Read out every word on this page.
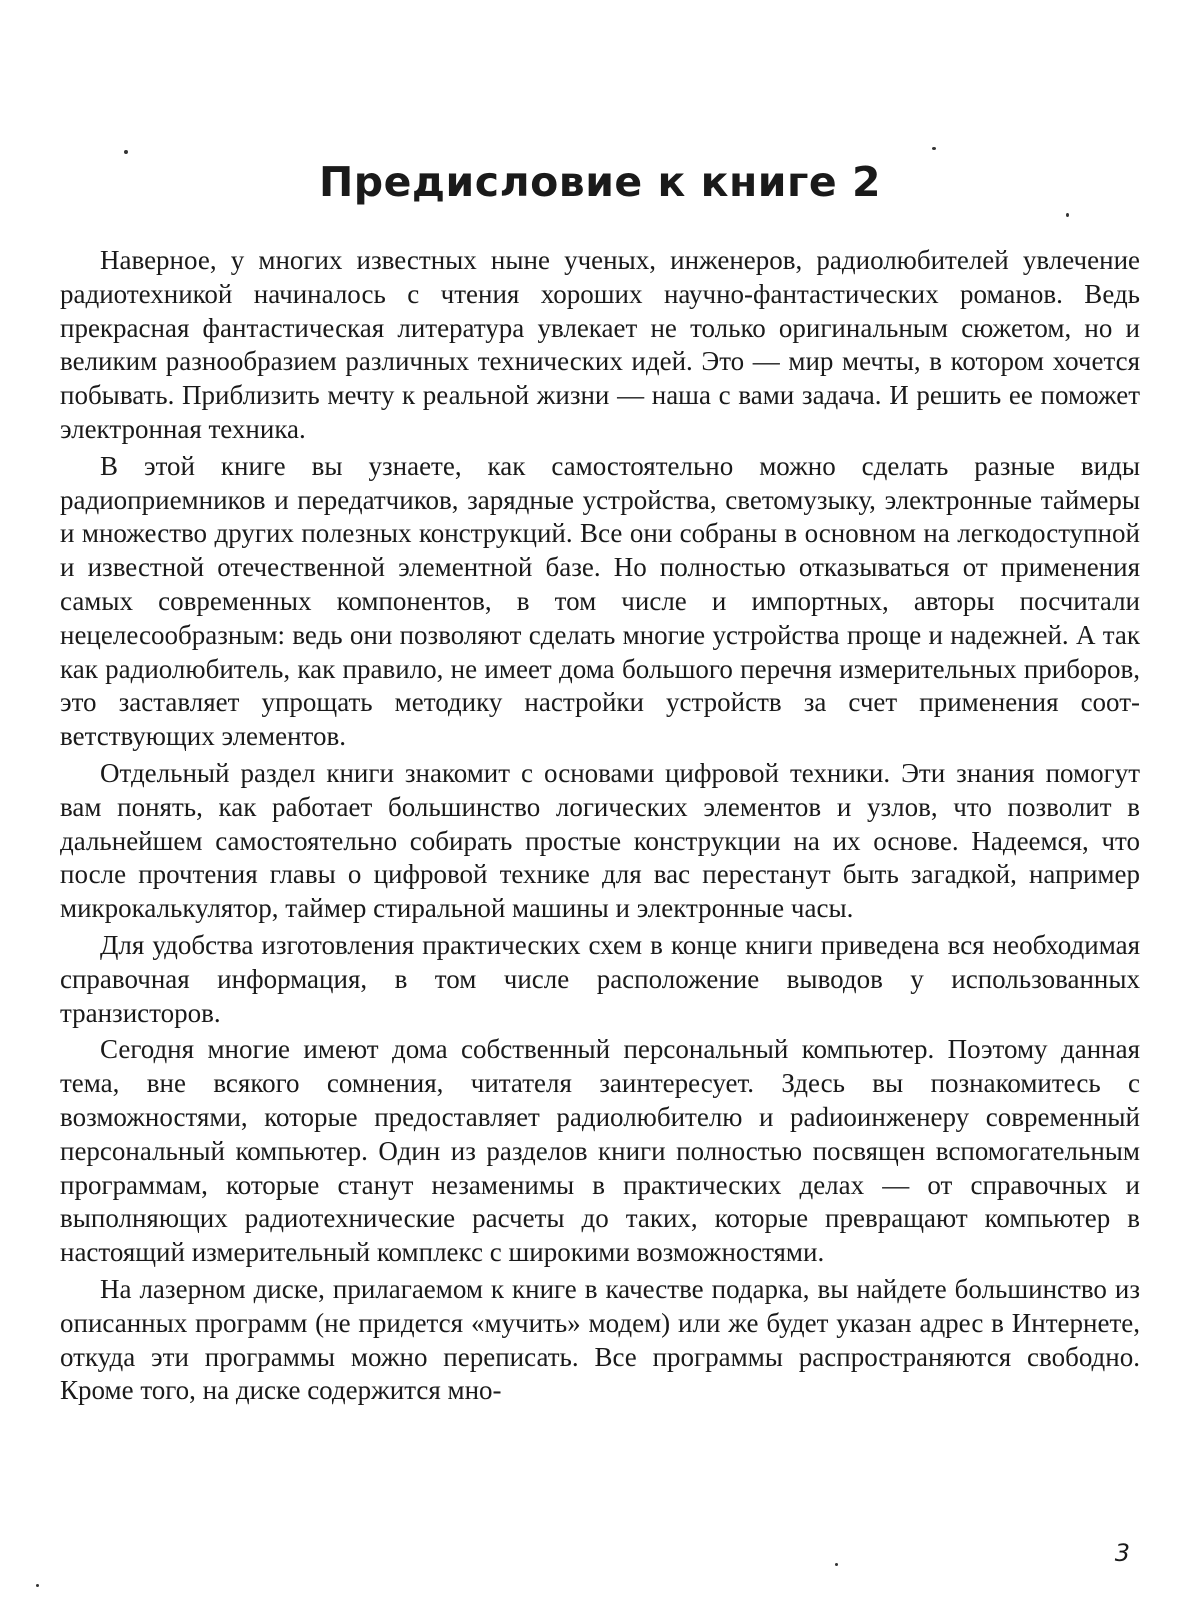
Предисловие к книге 2

Наверное, у многих известных ныне ученых, инженеров, радиолюбителей увлечение радиотехникой начиналось с чтения хороших научно-фантастических романов. Ведь прекрасная фантастическая литература увлекает не только оригинальным сюжетом, но и великим разнообразием различных технических идей. Это — мир мечты, в котором хочется побывать. Приблизить мечту к реальной жизни — наша с вами задача. И решить ее поможет электронная техника.

В этой книге вы узнаете, как самостоятельно можно сделать разные виды радиоприемников и передатчиков, зарядные устройства, светомузыку, электронные таймеры и множество других полезных конструкций. Все они собраны в основном на легкодоступной и известной отечественной элементной базе. Но полностью отказываться от применения самых современных компонентов, в том числе и импортных, авторы посчитали нецелесообразным: ведь они позволяют сделать многие устройства проще и надежней. А так как радиолюбитель, как правило, не имеет дома большого перечня измерительных приборов, это заставляет упрощать методику настройки устройств за счет применения соответствующих элементов.

Отдельный раздел книги знакомит с основами цифровой техники. Эти знания помогут вам понять, как работает большинство логических элементов и узлов, что позволит в дальнейшем самостоятельно собирать простые конструкции на их основе. Надеемся, что после прочтения главы о цифровой технике для вас перестанут быть загадкой, например микрокалькулятор, таймер стиральной машины и электронные часы.

Для удобства изготовления практических схем в конце книги приведена вся необходимая справочная информация, в том числе расположение выводов у использованных транзисторов.

Сегодня многие имеют дома собственный персональный компьютер. Поэтому данная тема, вне всякого сомнения, читателя заинтересует. Здесь вы познакомитесь с возможностями, которые предоставляет радиолюбителю и раdиоинженеру современный персональный компьютер. Один из разделов книги полностью посвящен вспомогательным программам, которые станут незаменимы в практических делах — от справочных и выполняющих радиотехнические расчеты до таких, которые превращают компьютер в настоящий измерительный комплекс с широкими возможностями.

На лазерном диске, прилагаемом к книге в качестве подарка, вы найдете большинство из описанных программ (не придется «мучить» модем) или же будет указан адрес в Интернете, откуда эти программы можно переписать. Все программы распространяются свободно. Кроме того, на диске содержится мно-

3
